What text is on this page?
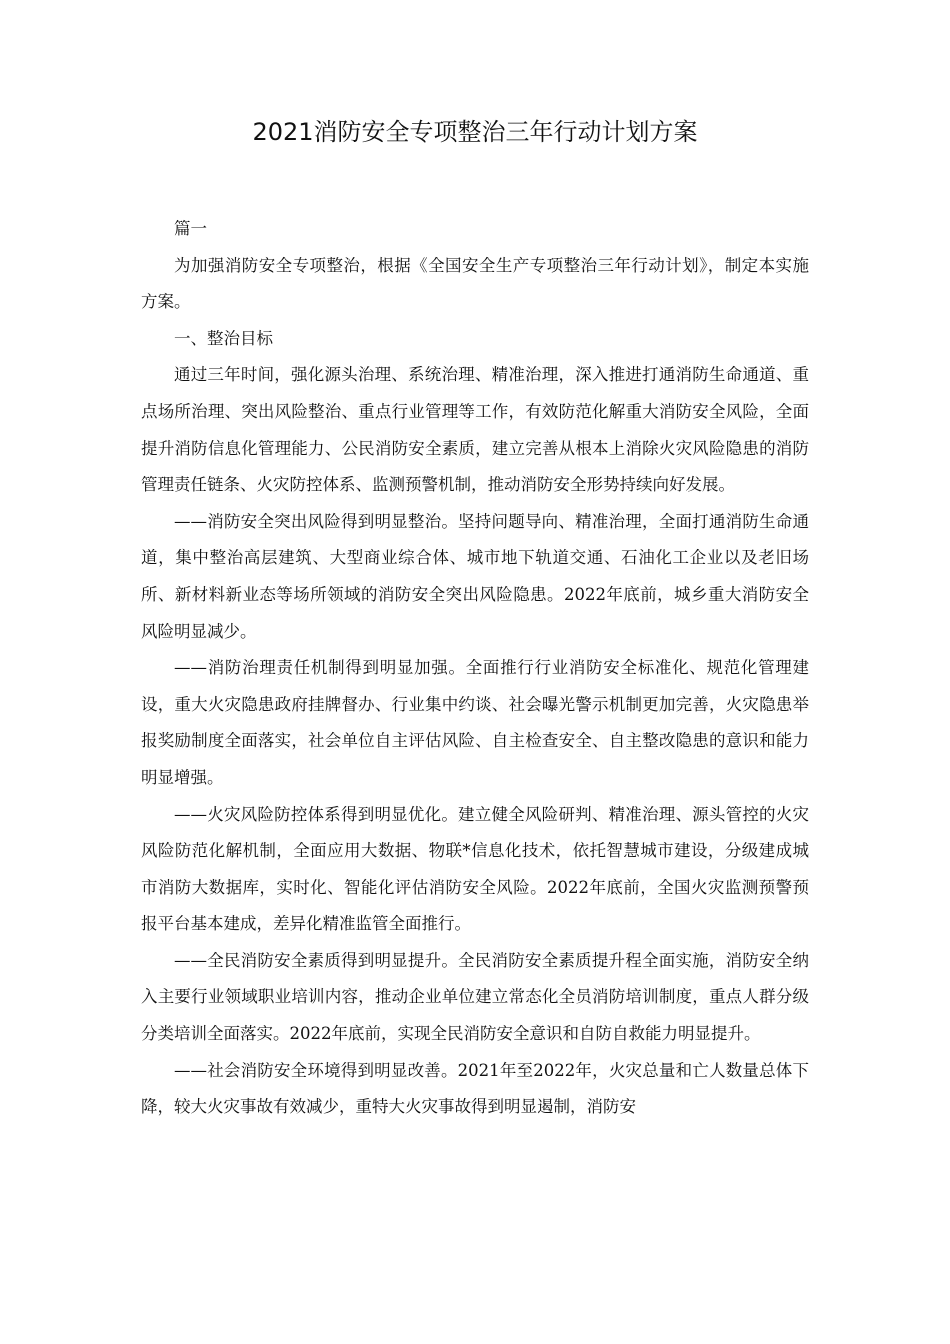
2021消防安全专项整治三年行动计划方案

篇一

为加强消防安全专项整治，根据《全国安全生产专项整治三年行动计划》，制定本实施方案。

一、整治目标

通过三年时间，强化源头治理、系统治理、精准治理，深入推进打通消防生命通道、重点场所治理、突出风险整治、重点行业管理等工作，有效防范化解重大消防安全风险，全面提升消防信息化管理能力、公民消防安全素质，建立完善从根本上消除火灾风险隐患的消防管理责任链条、火灾防控体系、监测预警机制，推动消防安全形势持续向好发展。

——消防安全突出风险得到明显整治。坚持问题导向、精准治理，全面打通消防生命通道，集中整治高层建筑、大型商业综合体、城市地下轨道交通、石油化工企业以及老旧场所、新材料新业态等场所领域的消防安全突出风险隐患。2022年底前，城乡重大消防安全风险明显减少。

——消防治理责任机制得到明显加强。全面推行行业消防安全标准化、规范化管理建设，重大火灾隐患政府挂牌督办、行业集中约谈、社会曝光警示机制更加完善，火灾隐患举报奖励制度全面落实，社会单位自主评估风险、自主检查安全、自主整改隐患的意识和能力明显增强。

——火灾风险防控体系得到明显优化。建立健全风险研判、精准治理、源头管控的火灾风险防范化解机制，全面应用大数据、物联*信息化技术，依托智慧城市建设，分级建成城市消防大数据库，实时化、智能化评估消防安全风险。2022年底前，全国火灾监测预警预报平台基本建成，差异化精准监管全面推行。

——全民消防安全素质得到明显提升。全民消防安全素质提升程全面实施，消防安全纳入主要行业领域职业培训内容，推动企业单位建立常态化全员消防培训制度，重点人群分级分类培训全面落实。2022年底前，实现全民消防安全意识和自防自救能力明显提升。

——社会消防安全环境得到明显改善。2021年至2022年，火灾总量和亡人数量总体下降，较大火灾事故有效减少，重特大火灾事故得到明显遏制，消防安
